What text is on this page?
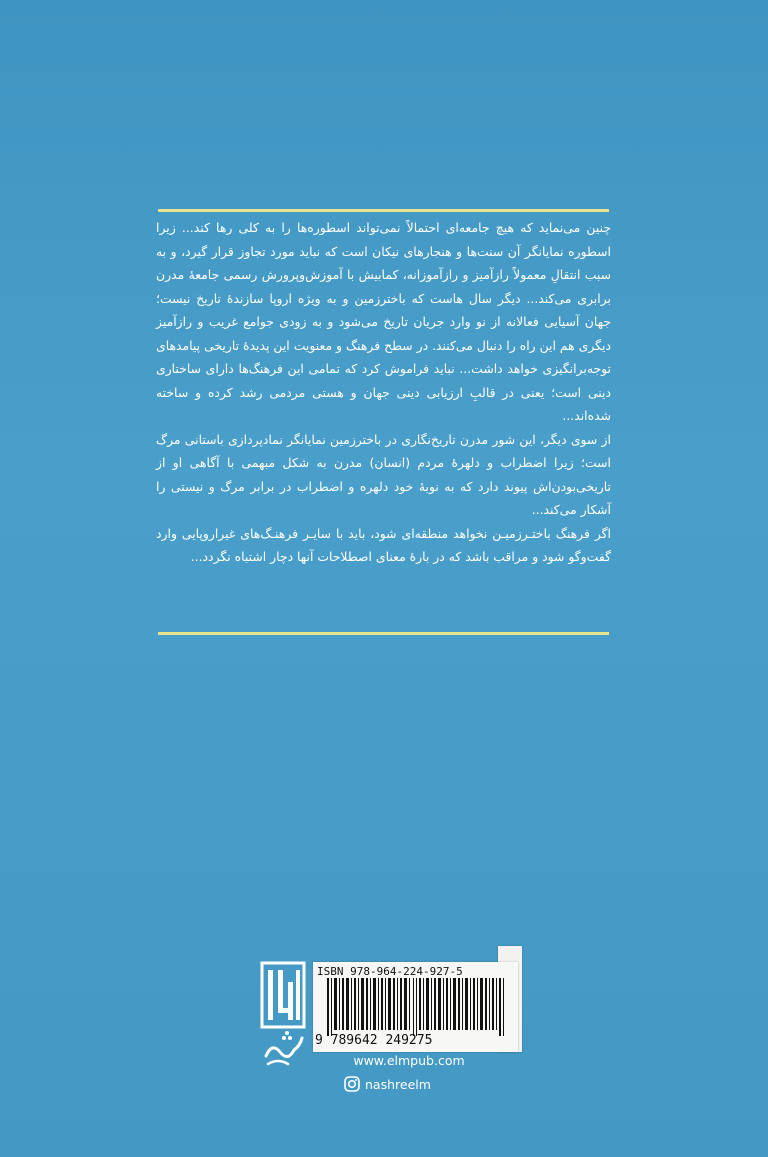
چنین می‌نماید که هیچ جامعه‌ای احتمالاً نمی‌تواند اسطوره‌ها را به کلی رها کند... زیرا اسطوره نمایانگر آن سنت‌ها و هنجارهای نیکان است که نباید مورد تجاوز قرار گیرد، و به سبب انتقالِ معمولاً رازآمیز و رازآموزانه، کمابیش با آموزش‌وپرورش رسمی جامعهٔ مدرن برابری می‌کند... دیگر سال هاست که باخترزمین و به ویژه اروپا سازندهٔ تاریخ نیست؛ جهان آسیایی فعالانه از نو وارد جریان تاریخ می‌شود و به زودی جوامع غریب و رازآمیز دیگری هم این راه را دنبال می‌کنند. در سطح فرهنگ و معنویت این پدیدهٔ تاریخی پیامدهای توجه‌برانگیزی خواهد داشت... نباید فراموش کرد که تمامی این فرهنگ‌ها دارای ساختاری دینی است؛ یعنی در قالبِ ارزیابی دینی جهان و هستی مردمی رشد کرده و ساخته شده‌اند...

از سوی دیگر، این شور مدرن تاریخ‌نگاری در باخترزمین نمایانگر نمادپردازی باستانی مرگ است؛ زیرا اضطراب و دلهرهٔ مردم (انسان) مدرن به شکل مبهمی با آگاهی او از تاریخی‌بودن‌اش پیوند دارد که به نوبهٔ خود دلهره و اضطراب در برابر مرگ و نیستی را آشکار می‌کند...

اگر فرهنگ باختـرزمیـن نخواهد منطقه‌ای شود، باید با سایـر فرهنـگ‌های غیراروپایی وارد گفت‌وگو شود و مراقب باشد که در بارهٔ معنای اصطلاحات آنها دچار اشتباه نگردد...

ISBN 978-964-224-927-5
9 789642 249275
www.elmpub.com
nashreelm
